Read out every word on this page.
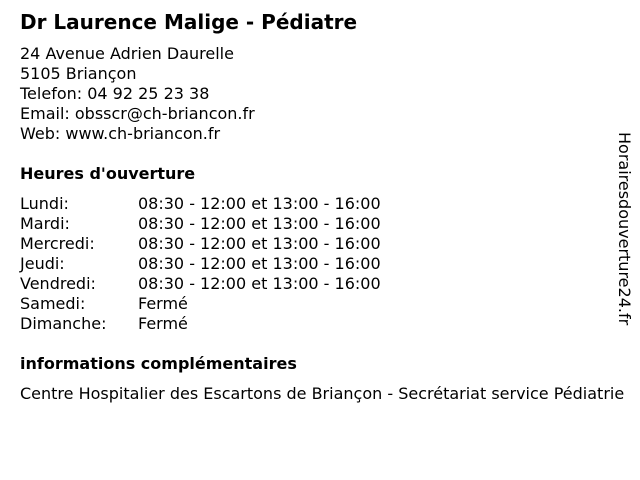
Dr Laurence Malige - Pédiatre
24 Avenue Adrien Daurelle
5105 Briançon
Telefon: 04 92 25 23 38
Email: obsscr@ch-briancon.fr
Web: www.ch-briancon.fr
Heures d'ouverture
Lundi:	08:30 - 12:00 et 13:00 - 16:00
Mardi:	08:30 - 12:00 et 13:00 - 16:00
Mercredi:	08:30 - 12:00 et 13:00 - 16:00
Jeudi:	08:30 - 12:00 et 13:00 - 16:00
Vendredi:	08:30 - 12:00 et 13:00 - 16:00
Samedi:	Fermé
Dimanche: Fermé
informations complémentaires
Centre Hospitalier des Escartons de Briançon - Secrétariat service Pédiatrie
Horairesdouverture24.fr
